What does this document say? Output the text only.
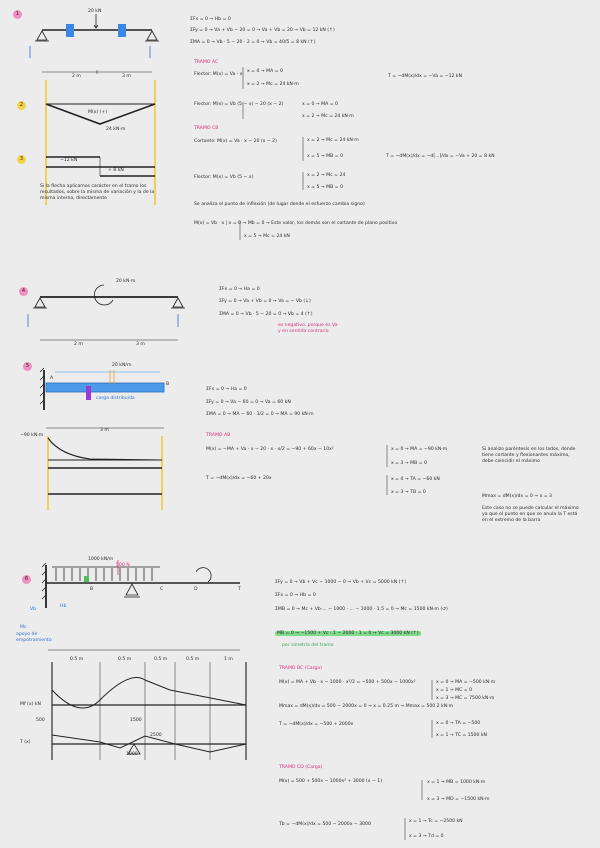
1
2
3
4
5
6
20 kN
2 m	3 m
M(x) (+)
24 kN·m
−12 kN
+ 8 kN
Si la flecha aplicamos carácter en el tramo los resultados, sobre la misma de variación y la de la misma interna, directamente
ΣFx = 0 → Hb = 0
ΣFy = 0 → Va + Vb − 20 = 0 → Va + Vb = 20 → Vb = 12 kN (↑)
ΣMA = 0 → Vb · 5 − 20 · 2 = 0 → Vb = 40/5 = 8 kN (↑)
TRAMO AC
Flector: M(x) = Va · x
x = 0 → MA = 0
x = 2 → Mc = 24 kN·m
T = −dM(x)/dx = −Va = −12 kN
Flector: M(x) = Vb (5 − x) − 20 (x − 2)	x = 0 → MA = 0
x = 2 → Mc = 24 kN·m
TRAMO CB
Cortante: M(x) = Va · x − 20 (x − 2)	x = 2 → Mc = 24 kN·m
x = 5 → MB = 0	T = −dM(x)/dx = −d[...]/dx = −Va + 20 = 8 kN
Flector: M(x) = Vb (5 − x)	x = 2 → Mc = 24
x = 5 → MB = 0
Se analiza el punto de inflexión (de lugar donde el esfuerzo cambia signo)
M(x) = Vb · x | x = 0 → Mb = 0 → Este valor, los demás son el cortante de plano positivo
x = 5 → Mc = 24 kN
20 kN·m
2 m	3 m
ΣFx = 0 → Ha = 0
ΣFy = 0 → Va + Vb = 0 → Va = − Vb (↓)
ΣMA = 0 → Vb · 5 − 20 = 0 → Vb = 4 (↑)
es negativo, porque es Va y en sentido contrario
A
B
20 kN/m
carga distribuida
3 m
−90 kN·m
ΣFx = 0 → Ha = 0
ΣFy = 0 → Va − 60 = 0 → Va = 60 kN
ΣMA = 0 → MA − 60 · 3/2 = 0 → MA = 90 kN·m
TRAMO AB
M(x) = −MA + Va · x − 20 · x · x/2 = −90 + 60x − 10x²	x = 0 → MA = −90 kN·m
x = 3 → MB = 0
T = −dM(x)/dx = −60 + 20x	x = 0 → TA = −60 kN
x = 3 → TB = 0
Si analizo paréntesis en los lados, donde tiene cortante y flexionantes máximo, debe coincidir el máximo
Mmax = dM(x)/dx = 0 → x = 3
Este caso no se puede calcular el máximo ya que el punto en que se anula la T está en el extremo de la barra
1000 kN/m
500 N
B	C	D	T
Hb
Vb
Mc
apoyo de empotramiento
0.5 m	0.5 m	0.5 m	0.5 m	1 m
Mf (x) kN
T (x)
500	1500
2500
1000
ΣFy = 0 → Vb + Vc − 1000 − 0 → Vb + Vc = 5000 kN (↑)
ΣFx = 0 → Hb = 0
ΣMB = 0 → Mc + Vb·... − 1000 · ... − 1000 · 1.5 = 0 → Mc = 1500 kN·m (↺)
MB = 0 → −1500 + Vc · 1 − 2000 · 1 = 0 → Vc = 3000 kN (↑)
por simetría del tramo
TRAMO BC (Carga)
M(x) = MA + Vb · x − 1000 · x²/2 = −500 + 500x − 1000x²	x = 0 → MA = −500 kN·m
x = 1 → MC = 0
x = 3 → MC = 7500 kN·m
Mmax = dM(x)/dx = 500 − 2000x = 0 → x = 0.25 m → Mmax = 500.2 kN·m
T = −dM(x)/dx = −500 + 2000x	x = 0 → TA = −500
x = 1 → TC = 1500 kN
TRAMO CD (Carga)
M(x) = 500 + 500x − 1000x² + 3000 (x − 1)	x = 1 → MB = 1000 kN·m
x = 3 → MD = −1500 kN·m
Tb = −dM(x)/dx = 500 − 2000x − 3000
x = 1 → Tc = −2500 kN
x = 3 → Td = 0
